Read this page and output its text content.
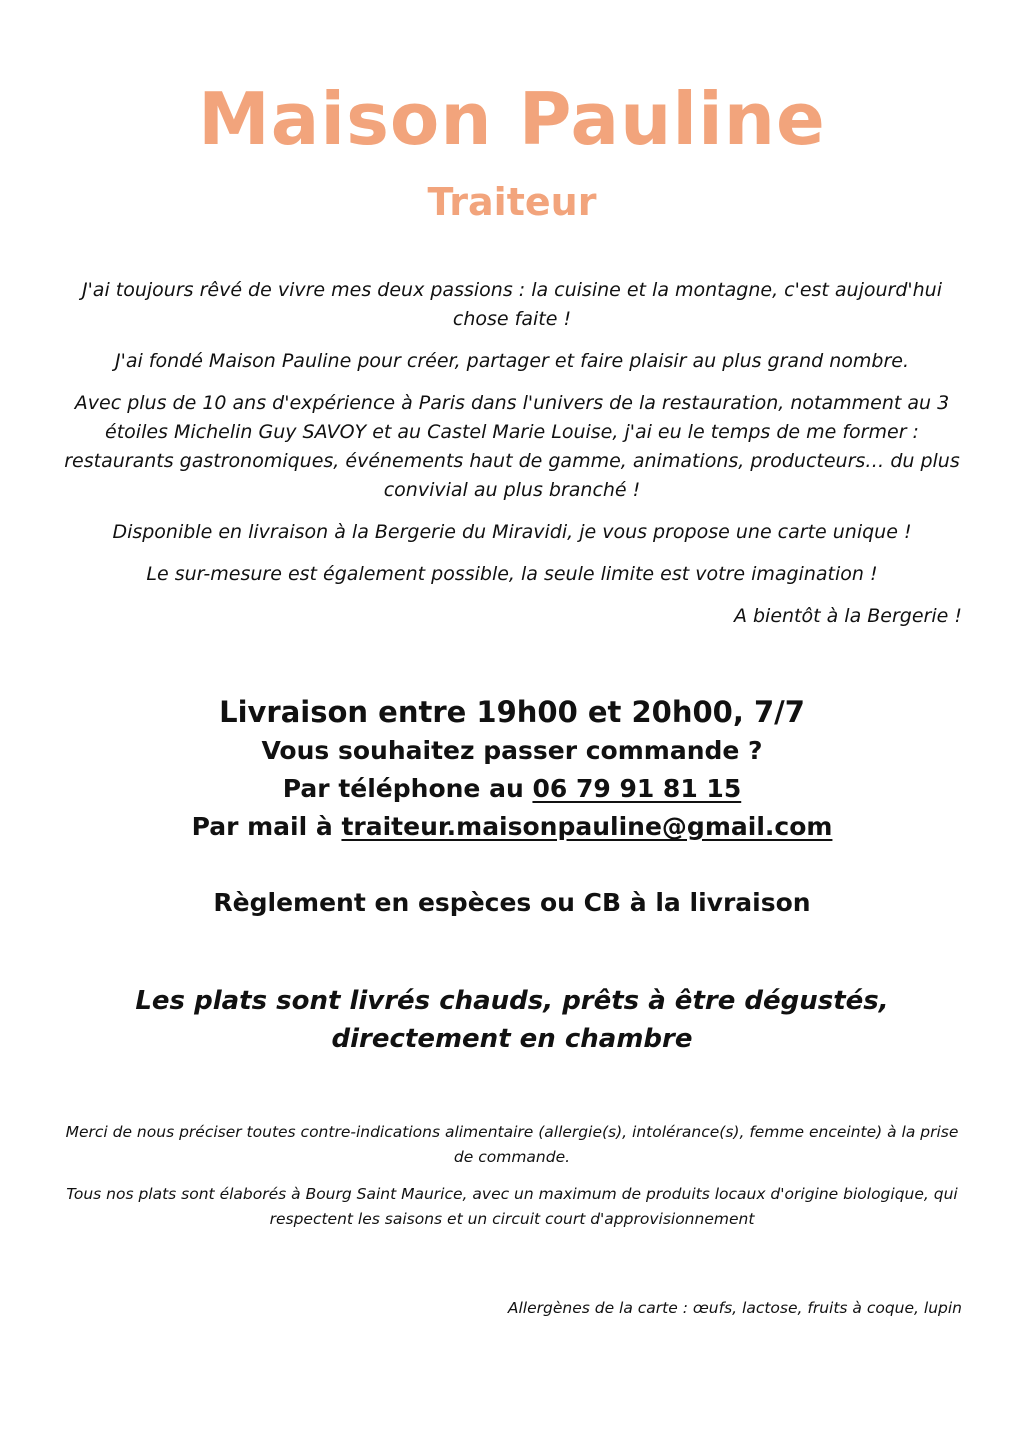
Maison Pauline
Traiteur

J'ai toujours rêvé de vivre mes deux passions : la cuisine et la montagne, c'est aujourd'hui chose faite !

J'ai fondé Maison Pauline pour créer, partager et faire plaisir au plus grand nombre.

Avec plus de 10 ans d'expérience à Paris dans l'univers de la restauration, notamment au 3 étoiles Michelin Guy SAVOY et au Castel Marie Louise, j'ai eu le temps de me former : restaurants gastronomiques, événements haut de gamme, animations, producteurs… du plus convivial au plus branché !

Disponible en livraison à la Bergerie du Miravidi, je vous propose une carte unique !

Le sur-mesure est également possible, la seule limite est votre imagination !

A bientôt à la Bergerie !

Livraison entre 19h00 et 20h00, 7/7
Vous souhaitez passer commande ?
Par téléphone au 06 79 91 81 15
Par mail à traiteur.maisonpauline@gmail.com
Règlement en espèces ou CB à la livraison
Les plats sont livrés chauds, prêts à être dégustés, directement en chambre

Merci de nous préciser toutes contre-indications alimentaire (allergie(s), intolérance(s), femme enceinte) à la prise de commande.

Tous nos plats sont élaborés à Bourg Saint Maurice, avec un maximum de produits locaux d'origine biologique, qui respectent les saisons et un circuit court d'approvisionnement

Allergènes de la carte : œufs, lactose, fruits à coque, lupin
